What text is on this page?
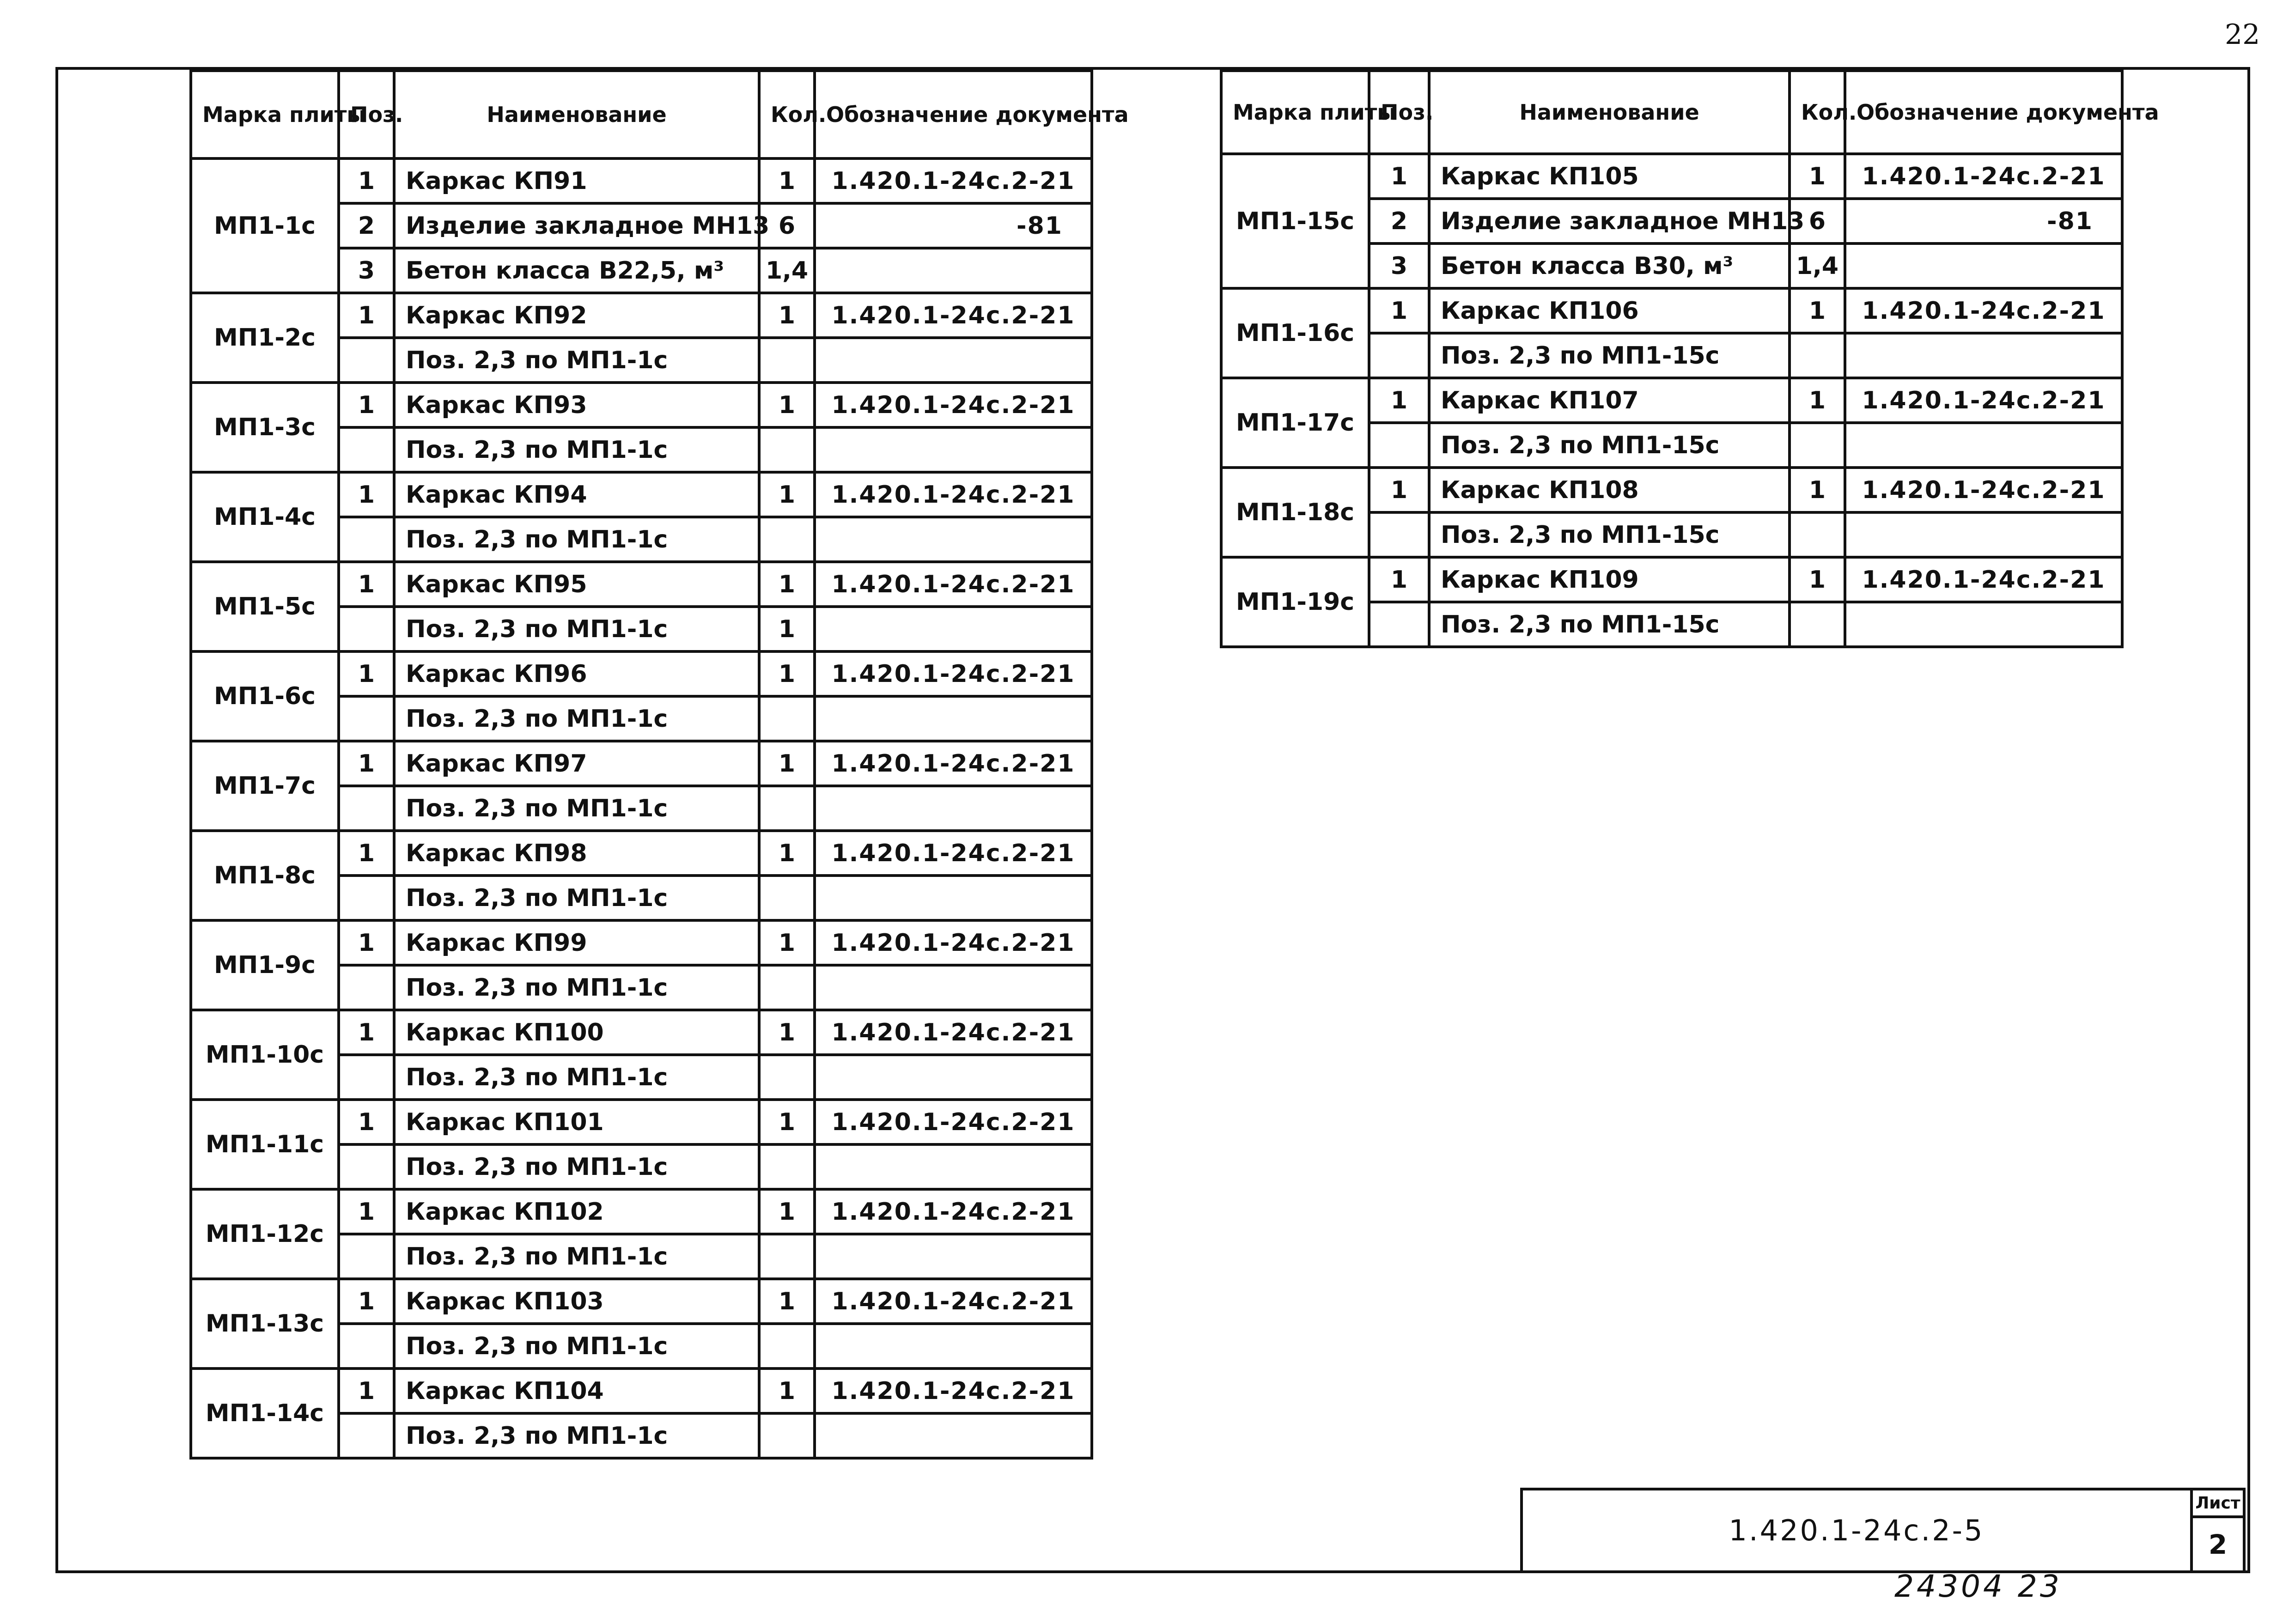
22
Марка плиты	Поз.	Наименование	Кол.	Обозначение документа
МП1-1с	1	Каркас КП91	1	1.420.1-24с.2-21
	2	Изделие закладное МН13	6	-81
	3	Бетон класса В22,5, м³	1,4	
МП1-2с	1	Каркас КП92	1	1.420.1-24с.2-21
		Поз. 2,3 по МП1-1с		
МП1-3с	1	Каркас КП93	1	1.420.1-24с.2-21
		Поз. 2,3 по МП1-1с		
МП1-4с	1	Каркас КП94	1	1.420.1-24с.2-21
		Поз. 2,3 по МП1-1с		
МП1-5с	1	Каркас КП95	1	1.420.1-24с.2-21
		Поз. 2,3 по МП1-1с	1	
МП1-6с	1	Каркас КП96	1	1.420.1-24с.2-21
		Поз. 2,3 по МП1-1с		
МП1-7с	1	Каркас КП97	1	1.420.1-24с.2-21
		Поз. 2,3 по МП1-1с		
МП1-8с	1	Каркас КП98	1	1.420.1-24с.2-21
		Поз. 2,3 по МП1-1с		
МП1-9с	1	Каркас КП99	1	1.420.1-24с.2-21
		Поз. 2,3 по МП1-1с		
МП1-10с	1	Каркас КП100	1	1.420.1-24с.2-21
		Поз. 2,3 по МП1-1с		
МП1-11с	1	Каркас КП101	1	1.420.1-24с.2-21
		Поз. 2,3 по МП1-1с		
МП1-12с	1	Каркас КП102	1	1.420.1-24с.2-21
		Поз. 2,3 по МП1-1с		
МП1-13с	1	Каркас КП103	1	1.420.1-24с.2-21
		Поз. 2,3 по МП1-1с		
МП1-14с	1	Каркас КП104	1	1.420.1-24с.2-21
		Поз. 2,3 по МП1-1с		
Марка плиты	Поз.	Наименование	Кол.	Обозначение документа
МП1-15с	1	Каркас КП105	1	1.420.1-24с.2-21
	2	Изделие закладное МН13	6	-81
	3	Бетон класса В30, м³	1,4	
МП1-16с	1	Каркас КП106	1	1.420.1-24с.2-21
		Поз. 2,3 по МП1-15с		
МП1-17с	1	Каркас КП107	1	1.420.1-24с.2-21
		Поз. 2,3 по МП1-15с		
МП1-18с	1	Каркас КП108	1	1.420.1-24с.2-21
		Поз. 2,3 по МП1-15с		
МП1-19с	1	Каркас КП109	1	1.420.1-24с.2-21
		Поз. 2,3 по МП1-15с		
1.420.1-24с.2-5
Лист
2
24304 23
